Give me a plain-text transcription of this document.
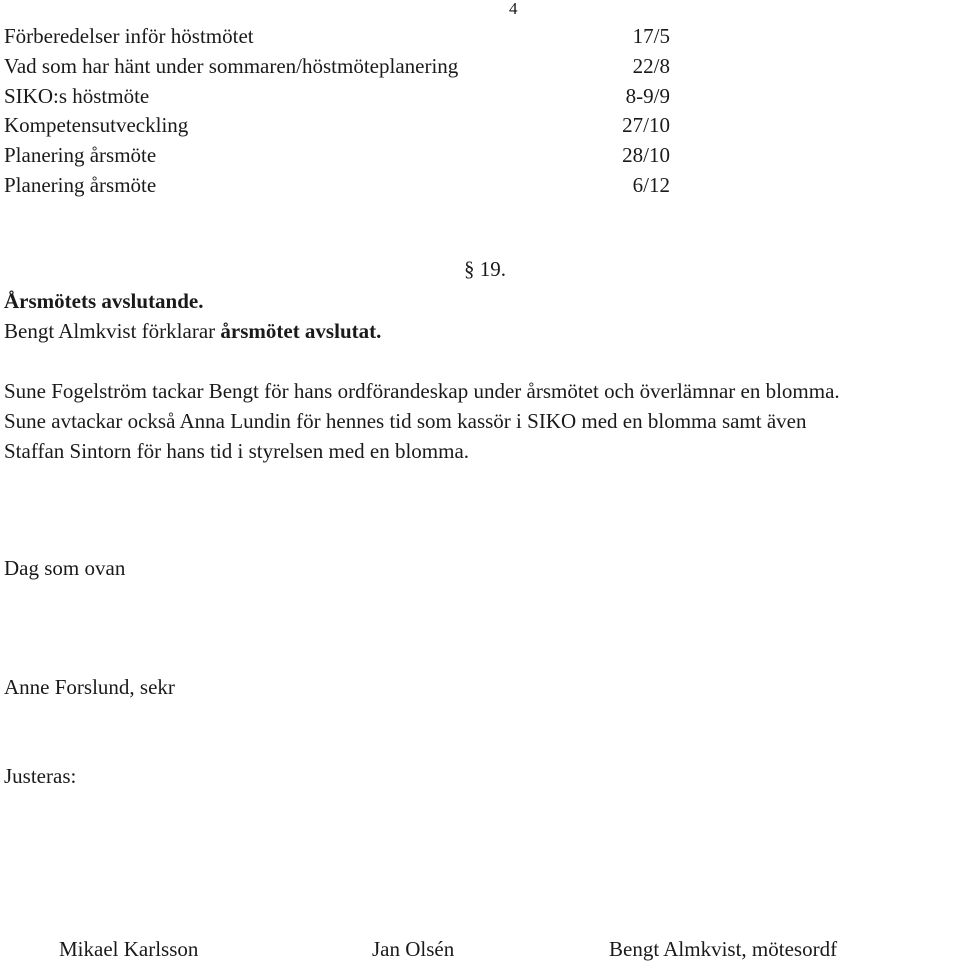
4
Förberedelser inför höstmötet	17/5
Vad som har hänt under sommaren/höstmöteplanering	22/8
SIKO:s höstmöte	8-9/9
Kompetensutveckling	27/10
Planering årsmöte	28/10
Planering årsmöte	6/12
§ 19.
Årsmötets avslutande.
Bengt Almkvist förklarar årsmötet avslutat.
Sune Fogelström tackar Bengt för hans ordförandeskap under årsmötet och överlämnar en blomma.
Sune avtackar också Anna Lundin för hennes tid som kassör i SIKO med en blomma samt även
Staffan Sintorn för hans tid i styrelsen med en blomma.
Dag som ovan
Anne Forslund, sekr
Justeras:
Mikael Karlsson	Jan Olsén	Bengt Almkvist, mötesordf
